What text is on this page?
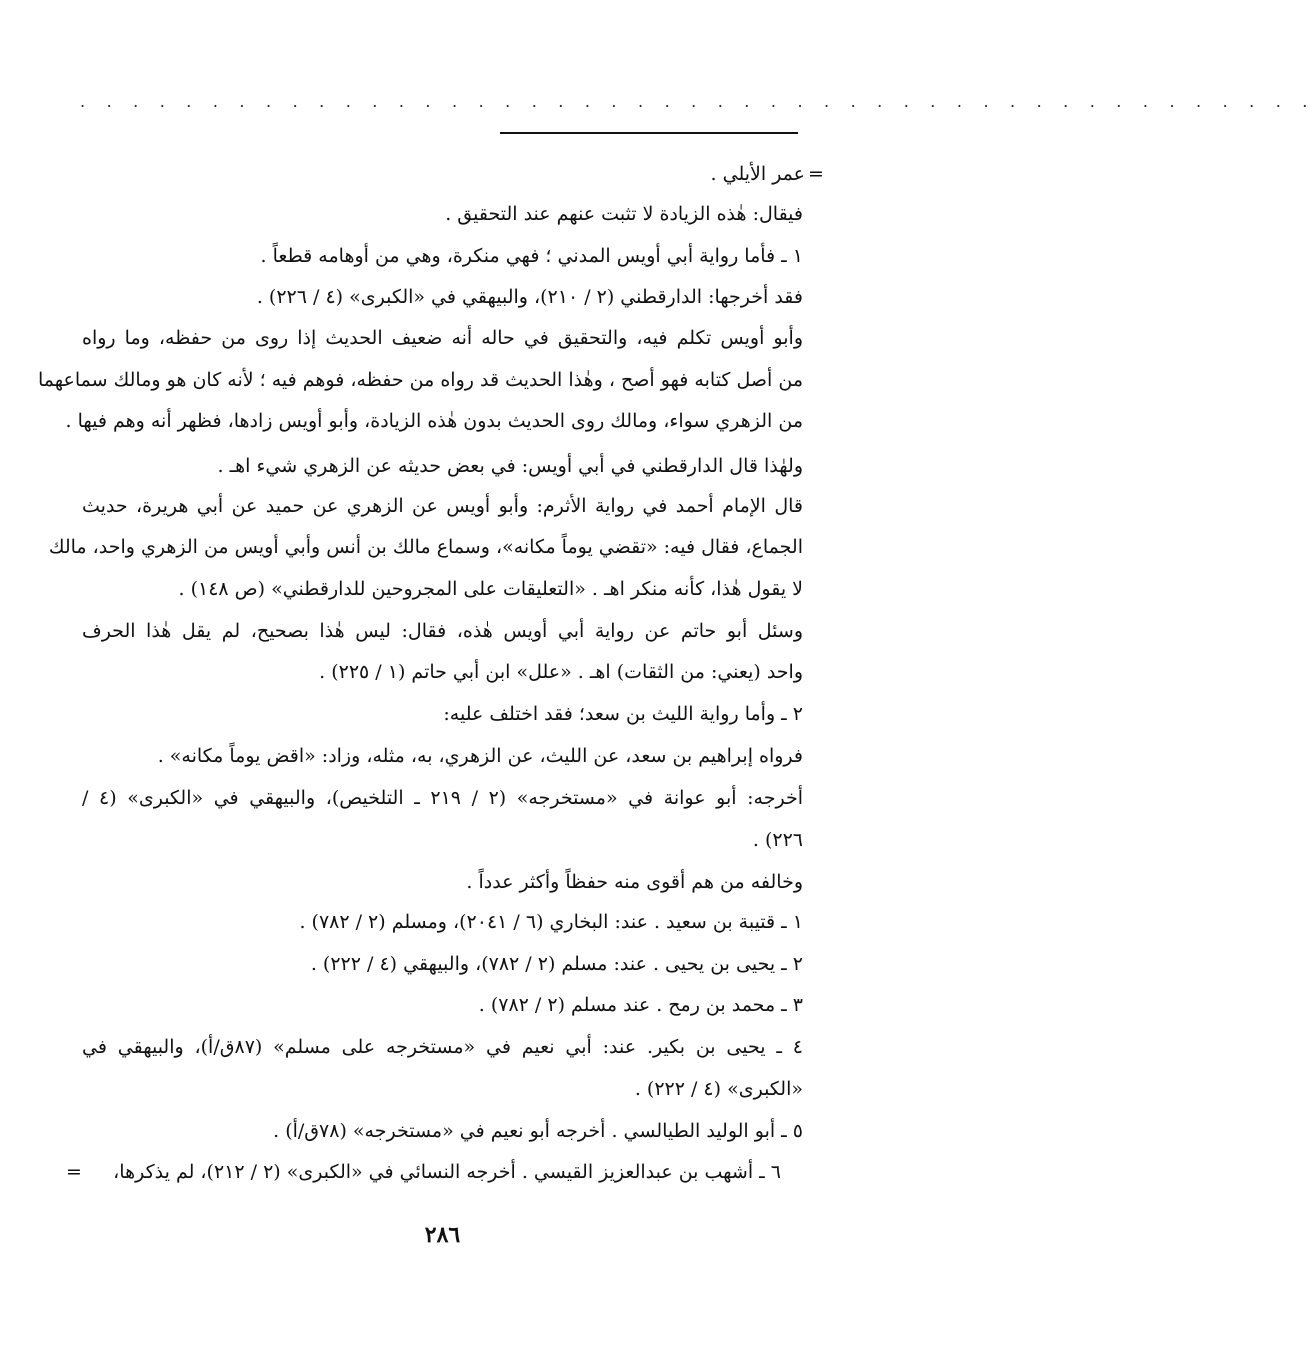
. . . . . . . . . . . . . . . . . . . . . . . . . . . . . . . . . . . . . . . . . . . . . . .
=
عمر الأيلي .
فيقال: هٰذه الزيادة لا تثبت عنهم عند التحقيق .
١ ـ فأما رواية أبي أويس المدني ؛ فهي منكرة، وهي من أوهامه قطعاً .
فقد أخرجها: الدارقطني (٢ / ٢١٠)، والبيهقي في «الكبرى» (٤ / ٢٢٦) .
وأبو أويس تكلم فيه، والتحقيق في حاله أنه ضعيف الحديث إذا روى من حفظه، وما رواه
من أصل كتابه فهو أصح ، وهٰذا الحديث قد رواه من حفظه، فوهم فيه ؛ لأنه كان هو ومالك سماعهما
من الزهري سواء، ومالك روى الحديث بدون هٰذه الزيادة، وأبو أويس زادها، فظهر أنه وهم فيها .
ولهٰذا قال الدارقطني في أبي أويس: في بعض حديثه عن الزهري شيء اهـ .
قال الإمام أحمد في رواية الأثرم: وأبو أويس عن الزهري عن حميد عن أبي هريرة، حديث
الجماع، فقال فيه: «تقضي يوماً مكانه»، وسماع مالك بن أنس وأبي أويس من الزهري واحد، مالك
لا يقول هٰذا، كأنه منكر اهـ . «التعليقات على المجروحين للدارقطني» (ص ١٤٨) .
وسئل أبو حاتم عن رواية أبي أويس هٰذه، فقال: ليس هٰذا بصحيح، لم يقل هٰذا الحرف
واحد (يعني: من الثقات) اهـ . «علل» ابن أبي حاتم (١ / ٢٢٥) .
٢ ـ وأما رواية الليث بن سعد؛ فقد اختلف عليه:
فرواه إبراهيم بن سعد، عن الليث، عن الزهري، به، مثله، وزاد: «اقض يوماً مكانه» .
أخرجه: أبو عوانة في «مستخرجه» (٢ / ٢١٩ ـ التلخيص)، والبيهقي في «الكبرى» (٤ /
٢٢٦) .
وخالفه من هم أقوى منه حفظاً وأكثر عدداً .
١ ـ قتيبة بن سعيد . عند: البخاري (٦ / ٢٠٤١)، ومسلم (٢ / ٧٨٢) .
٢ ـ يحيى بن يحيى . عند: مسلم (٢ / ٧٨٢)، والبيهقي (٤ / ٢٢٢) .
٣ ـ محمد بن رمح . عند مسلم (٢ / ٧٨٢) .
٤ ـ يحيى بن بكير. عند: أبي نعيم في «مستخرجه على مسلم» (٨٧ق/أ)، والبيهقي في
«الكبرى» (٤ / ٢٢٢) .
٥ ـ أبو الوليد الطيالسي . أخرجه أبو نعيم في «مستخرجه» (٧٨ق/أ) .
٦ ـ أشهب بن عبدالعزيز القيسي . أخرجه النسائي في «الكبرى» (٢ / ٢١٢)، لم يذكرها،
=
٢٨٦
